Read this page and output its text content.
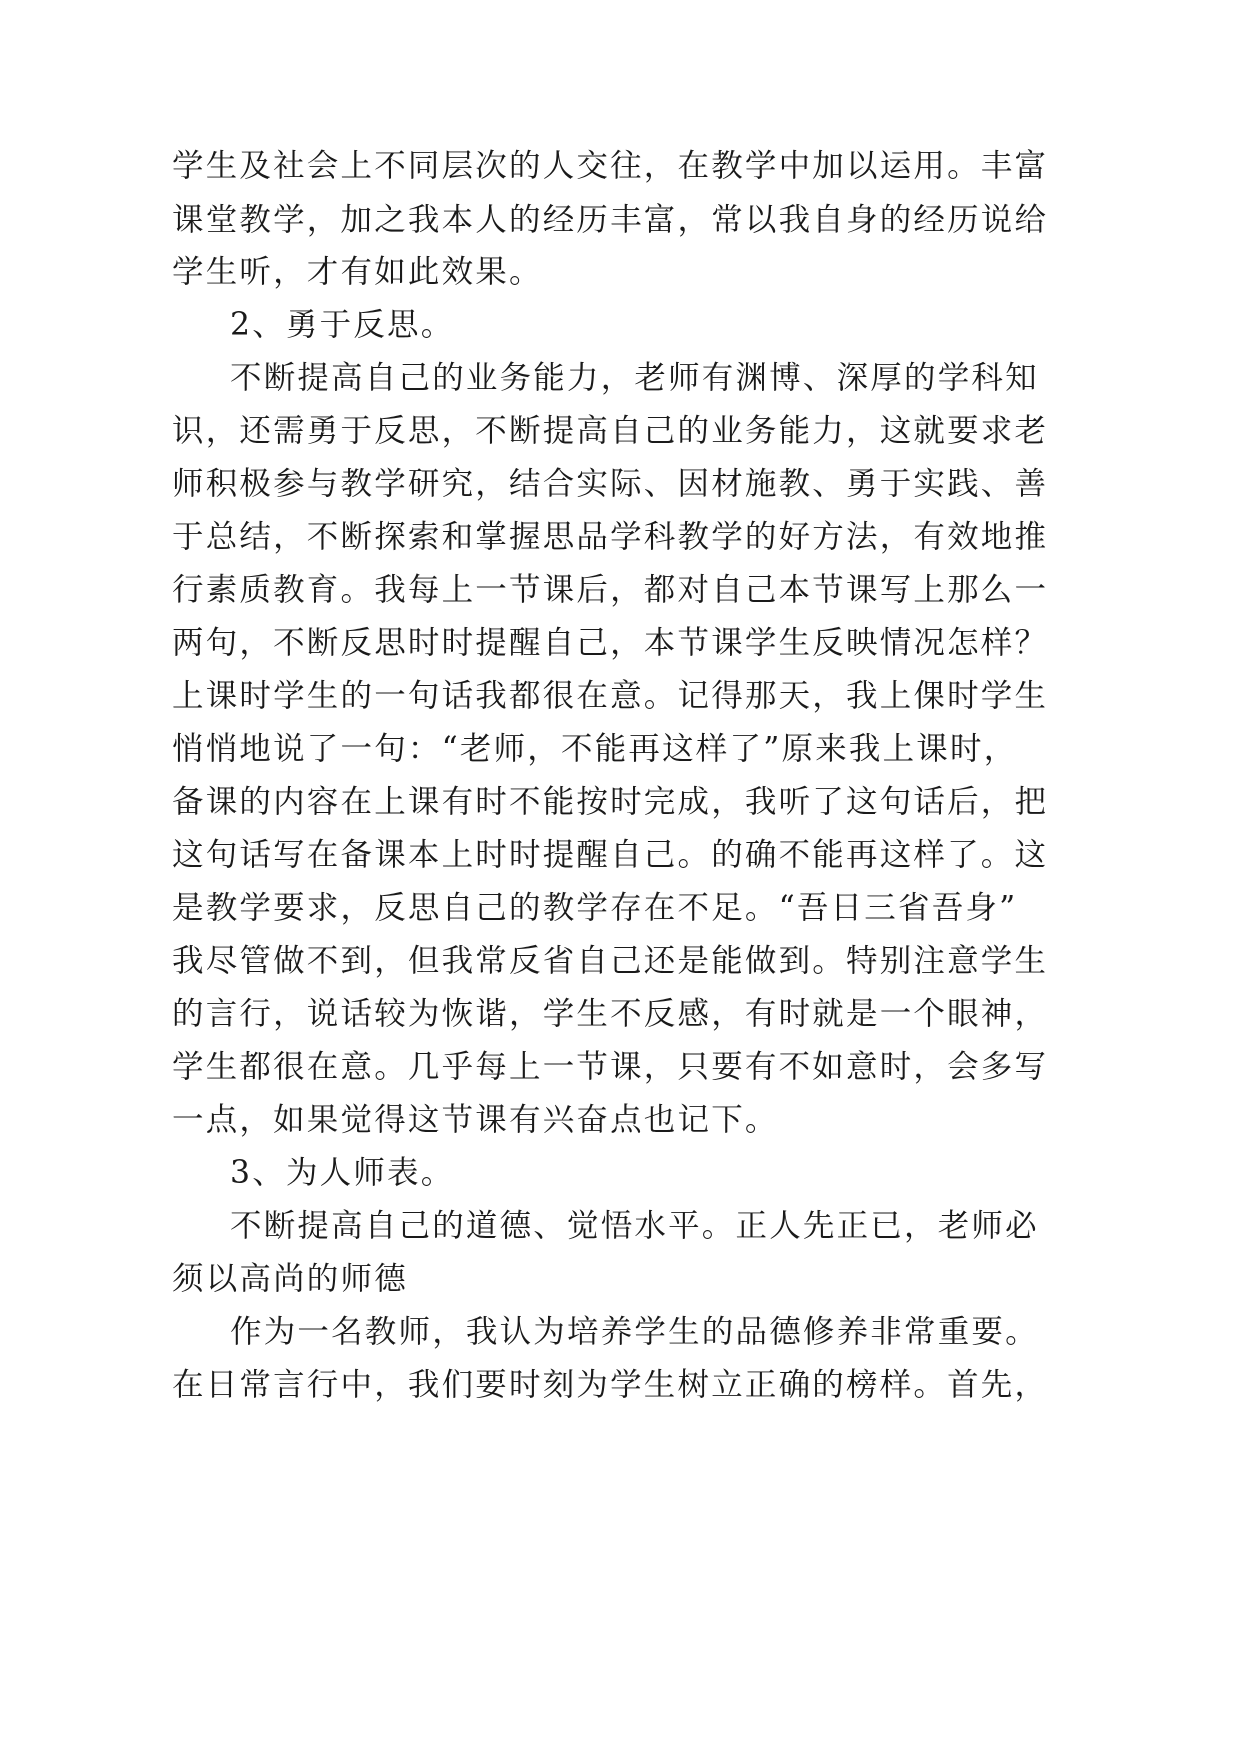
学生及社会上不同层次的人交往，在教学中加以运用。丰富
课堂教学，加之我本人的经历丰富，常以我自身的经历说给
学生听，才有如此效果。
2、勇于反思。
不断提高自己的业务能力，老师有渊博、深厚的学科知
识，还需勇于反思，不断提高自己的业务能力，这就要求老
师积极参与教学研究，结合实际、因材施教、勇于实践、善
于总结，不断探索和掌握思品学科教学的好方法，有效地推
行素质教育。我每上一节课后，都对自己本节课写上那么一
两句，不断反思时时提醒自己，本节课学生反映情况怎样？
上课时学生的一句话我都很在意。记得那天，我上倮时学生
悄悄地说了一句：“老师，不能再这样了”原来我上课时，
备课的内容在上课有时不能按时完成，我听了这句话后，把
这句话写在备课本上时时提醒自己。的确不能再这样了。这
是教学要求，反思自己的教学存在不足。“吾日三省吾身”
我尽管做不到，但我常反省自己还是能做到。特别注意学生
的言行，说话较为恢谐，学生不反感，有时就是一个眼神，
学生都很在意。几乎每上一节课，只要有不如意时，会多写
一点，如果觉得这节课有兴奋点也记下。
3、为人师表。
不断提高自己的道德、觉悟水平。正人先正已，老师必
须以高尚的师德
作为一名教师，我认为培养学生的品德修养非常重要。
在日常言行中，我们要时刻为学生树立正确的榜样。首先，
